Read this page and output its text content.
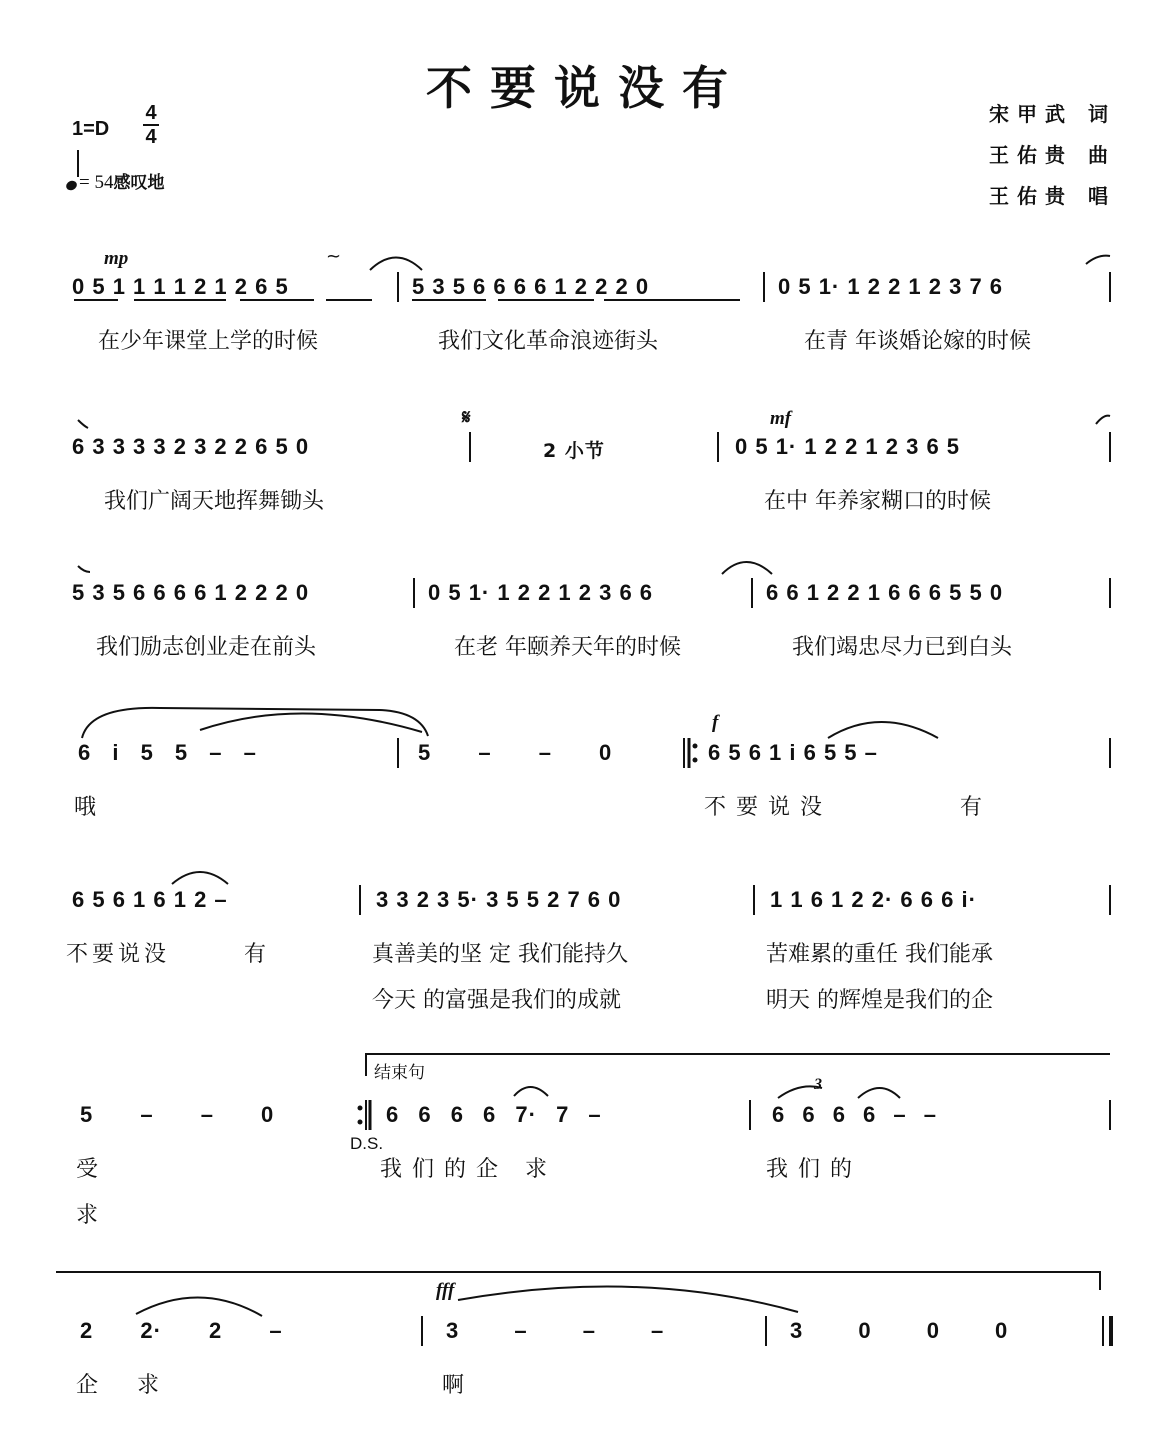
不要说没有
1=D
4
4
= 54感叹地
宋甲武 词
王佑贵 曲
王佑贵 唱
mp
0 5 1 1 1 1 2 1 2 6 5	5 3 5 6 6 6 6 1 2 2 2 0	0 5 1· 1 2 2 1 2 3 7 6
在少年课堂上学的时候	我们文化革命浪迹街头	在青 年谈婚论嫁的时候
6 3 3 3 3 2 3 2 2 6 5 0	2 小节
mf
0 5 1· 1 2 2 1 2 3 6 5
我们广阔天地挥舞锄头	在中 年养家糊口的时候
5 3 5 6 6 6 6 1 2 2 2 0	0 5 1· 1 2 2 1 2 3 6 6	6 6 1 2 2 1 6 6 6 5 5 0
我们励志创业走在前头	在老 年颐养天年的时候	我们竭忠尽力已到白头
6 i 5 5 – –	5 – – 0
f
6 5 6 1 i 6 5 5 –
哦	不要说没	有
6 5 6 1 6 1 2 –	3 3 2 3 5· 3 5 5 2 7 6 0	1 1 6 1 2 2· 6 6 6 i·
不要说没	有	真善美的坚 定 我们能持久	苦难累的重任 我们能承
今天 的富强是我们的成就	明天 的辉煌是我们的企
结束句
5 – – 0
D.S.
6 6 6 6 7· 7 –
3
6 6 6 6 – –
受	我们的企 求	我们的
求
2 2· 2 –
fff
3 – – –	3 0 0 0
企 求	啊
𝄋
~
